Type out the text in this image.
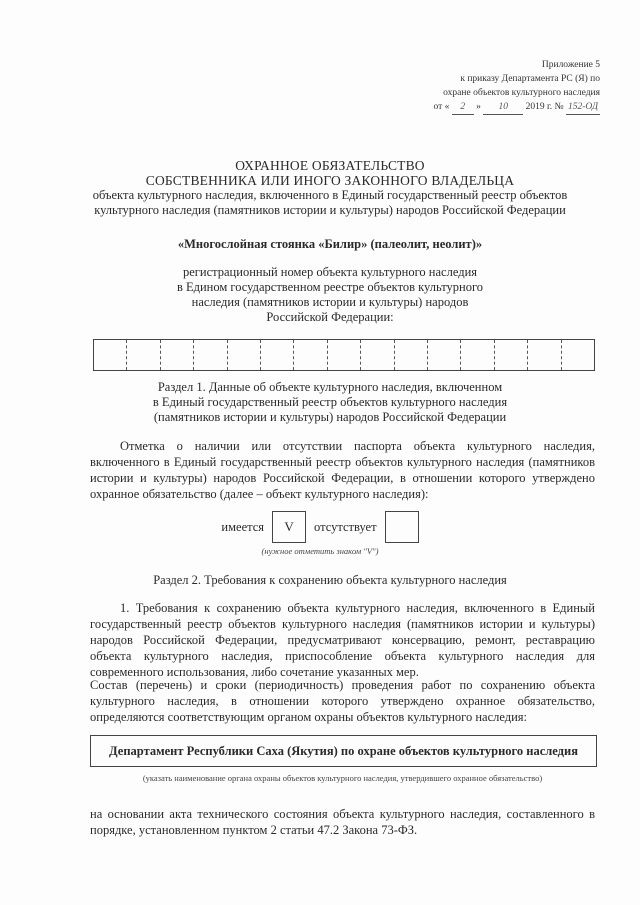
Приложение 5
к приказу Департамента РС (Я) по
охране объектов культурного наследия
от « 2 » 10 2019 г. № 152-ОД
ОХРАННОЕ ОБЯЗАТЕЛЬСТВО
СОБСТВЕННИКА ИЛИ ИНОГО ЗАКОННОГО ВЛАДЕЛЬЦА
объекта культурного наследия, включенного в Единый государственный реестр объектов
культурного наследия (памятников истории и культуры) народов Российской Федерации
«Многослойная стоянка «Билир» (палеолит, неолит)»
регистрационный номер объекта культурного наследия
в Едином государственном реестре объектов культурного
наследия (памятников истории и культуры) народов
Российской Федерации:
Раздел 1. Данные об объекте культурного наследия, включенном
в Единый государственный реестр объектов культурного наследия
(памятников истории и культуры) народов Российской Федерации
Отметка о наличии или отсутствии паспорта объекта культурного наследия, включенного в Единый государственный реестр объектов культурного наследия (памятников истории и культуры) народов Российской Федерации, в отношении которого утверждено охранное обязательство (далее – объект культурного наследия):
имеется	V	отсутствует
(нужное отметить знаком "V")
Раздел 2. Требования к сохранению объекта культурного наследия
1. Требования к сохранению объекта культурного наследия, включенного в Единый государственный реестр объектов культурного наследия (памятников истории и культуры) народов Российской Федерации, предусматривают консервацию, ремонт, реставрацию объекта культурного наследия, приспособление объекта культурного наследия для современного использования, либо сочетание указанных мер.
Состав (перечень) и сроки (периодичность) проведения работ по сохранению объекта культурного наследия, в отношении которого утверждено охранное обязательство, определяются соответствующим органом охраны объектов культурного наследия:
Департамент Республики Саха (Якутия) по охране объектов культурного наследия
(указать наименование органа охраны объектов культурного наследия, утвердившего охранное обязательство)
на основании акта технического состояния объекта культурного наследия, составленного в порядке, установленном пунктом 2 статьи 47.2 Закона 73-ФЗ.
